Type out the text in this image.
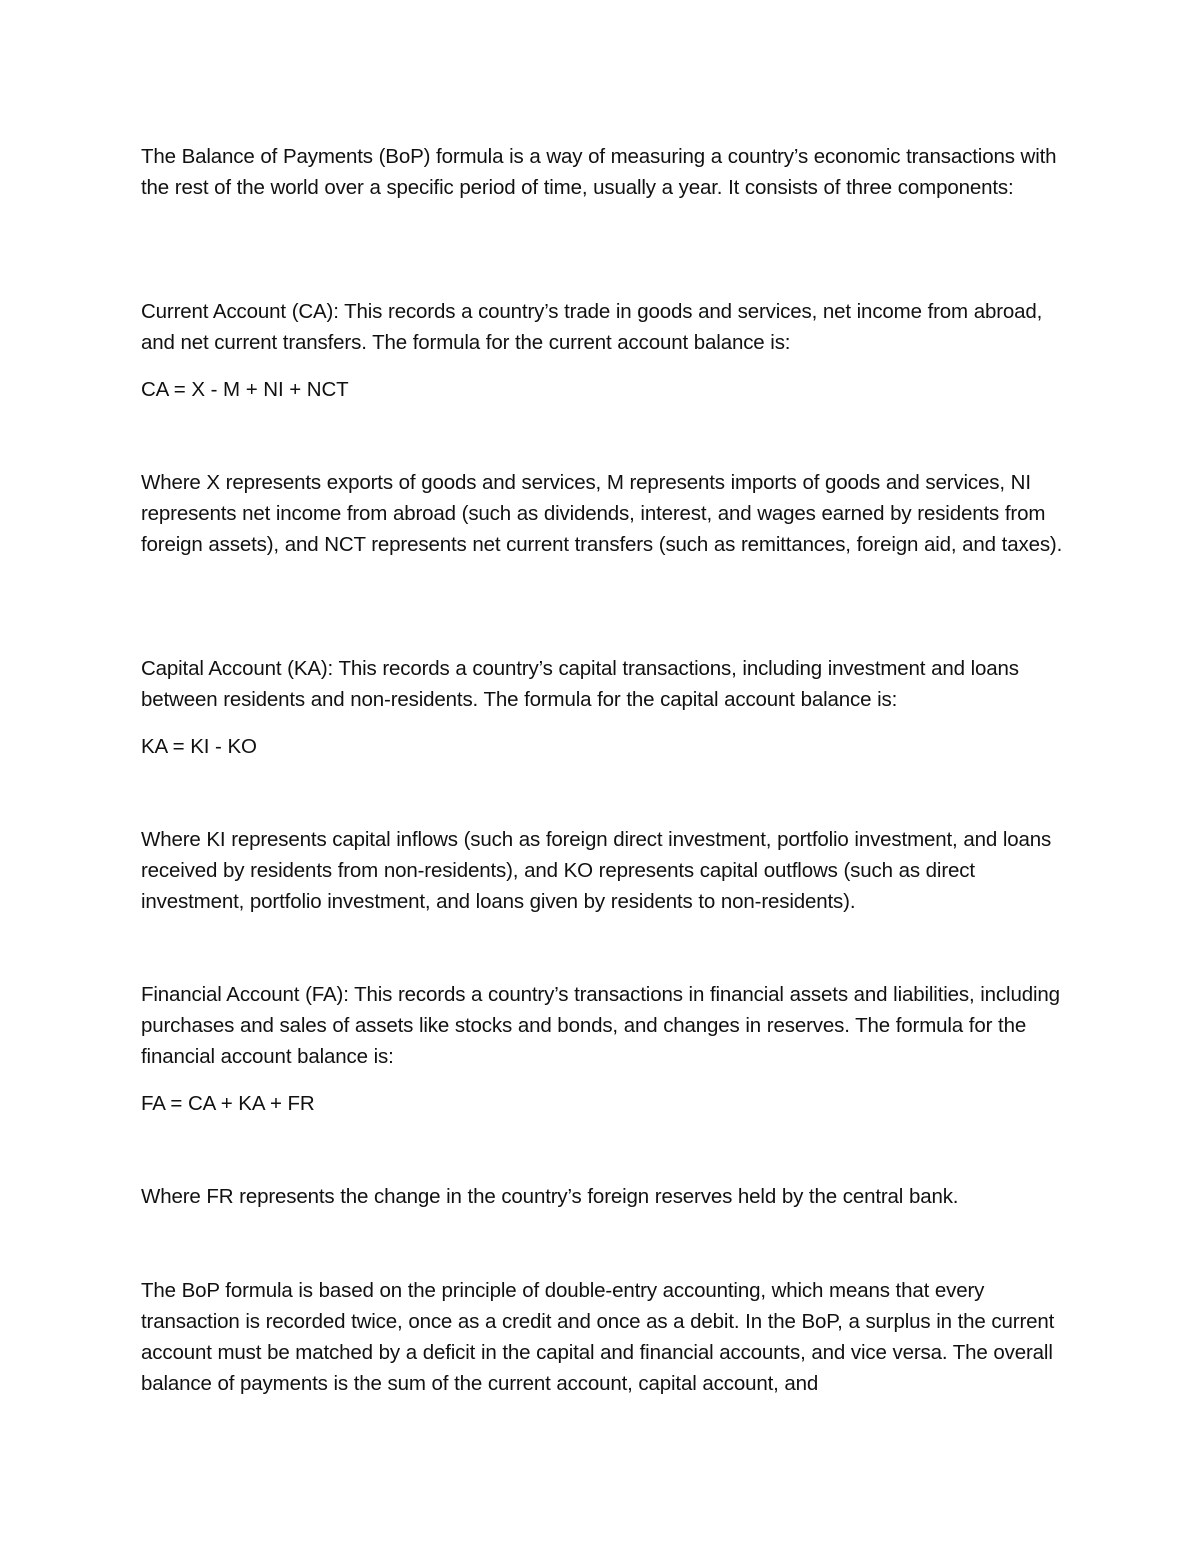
The Balance of Payments (BoP) formula is a way of measuring a country’s economic transactions with the rest of the world over a specific period of time, usually a year. It consists of three components:

Current Account (CA): This records a country’s trade in goods and services, net income from abroad, and net current transfers. The formula for the current account balance is:

CA = X - M + NI + NCT

Where X represents exports of goods and services, M represents imports of goods and services, NI represents net income from abroad (such as dividends, interest, and wages earned by residents from foreign assets), and NCT represents net current transfers (such as remittances, foreign aid, and taxes).

Capital Account (KA): This records a country’s capital transactions, including investment and loans between residents and non-residents. The formula for the capital account balance is:

KA = KI - KO

Where KI represents capital inflows (such as foreign direct investment, portfolio investment, and loans received by residents from non-residents), and KO represents capital outflows (such as direct investment, portfolio investment, and loans given by residents to non-residents).

Financial Account (FA): This records a country’s transactions in financial assets and liabilities, including purchases and sales of assets like stocks and bonds, and changes in reserves. The formula for the financial account balance is:

FA = CA + KA + FR

Where FR represents the change in the country’s foreign reserves held by the central bank.

The BoP formula is based on the principle of double-entry accounting, which means that every transaction is recorded twice, once as a credit and once as a debit. In the BoP, a surplus in the current account must be matched by a deficit in the capital and financial accounts, and vice versa. The overall balance of payments is the sum of the current account, capital account, and
